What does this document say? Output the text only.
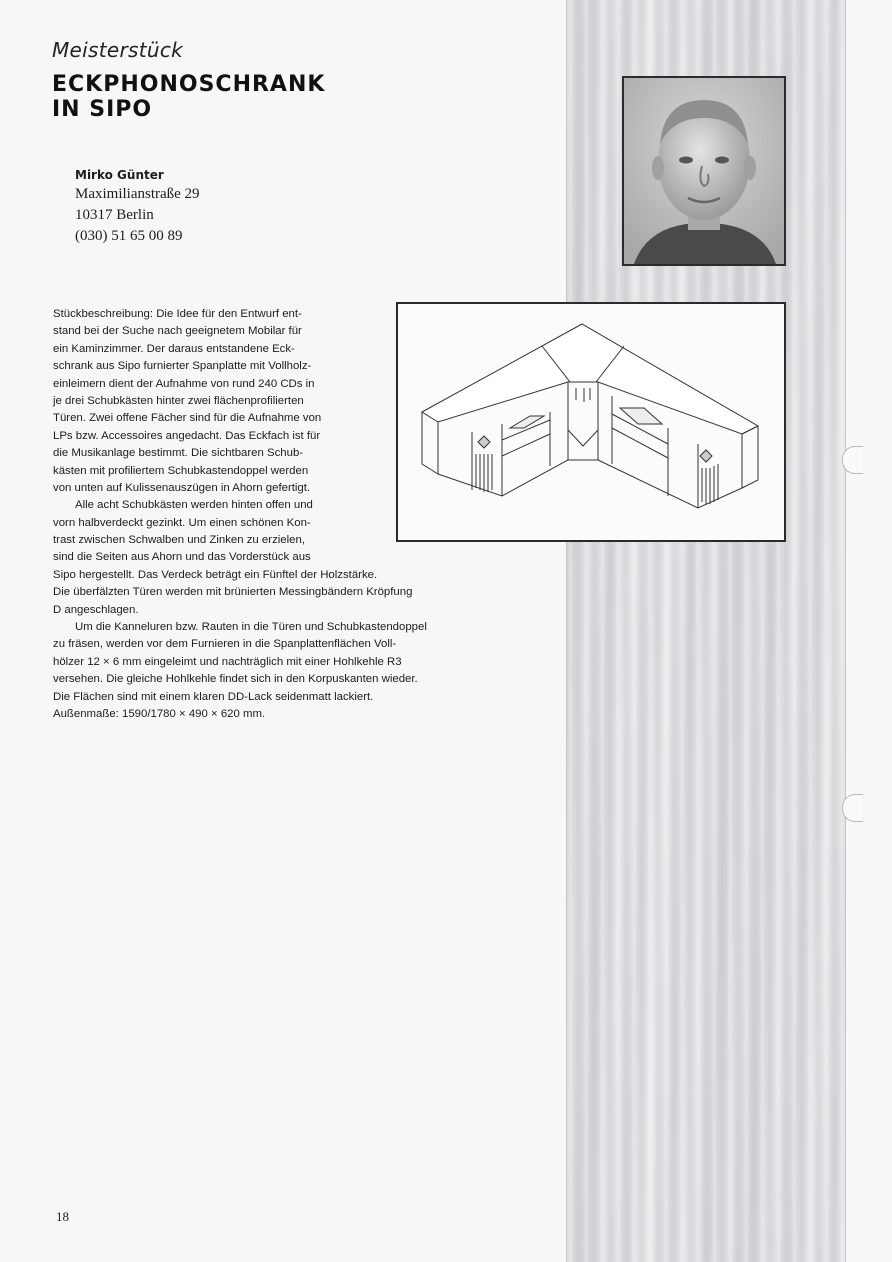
Meisterstück
ECKPHONOSCHRANK
IN SIPO
Mirko Günter
Maximilianstraße 29
10317 Berlin
(030) 51 65 00 89
Stückbeschreibung: Die Idee für den Entwurf ent-
stand bei der Suche nach geeignetem Mobilar für
ein Kaminzimmer. Der daraus entstandene Eck-
schrank aus Sipo furnierter Spanplatte mit Vollholz-
einleimern dient der Aufnahme von rund 240 CDs in
je drei Schubkästen hinter zwei flächenprofilierten
Türen. Zwei offene Fächer sind für die Aufnahme von
LPs bzw. Accessoires angedacht. Das Eckfach ist für
die Musikanlage bestimmt. Die sichtbaren Schub-
kästen mit profiliertem Schubkastendoppel werden
von unten auf Kulissenauszügen in Ahorn gefertigt.
Alle acht Schubkästen werden hinten offen und
vorn halbverdeckt gezinkt. Um einen schönen Kon-
trast zwischen Schwalben und Zinken zu erzielen,
sind die Seiten aus Ahorn und das Vorderstück aus
Sipo hergestellt. Das Verdeck beträgt ein Fünftel der Holzstärke.
Die überfälzten Türen werden mit brünierten Messingbändern Kröpfung
D angeschlagen.
Um die Kanneluren bzw. Rauten in die Türen und Schubkastendoppel
zu fräsen, werden vor dem Furnieren in die Spanplattenflächen Voll-
hölzer 12 × 6 mm eingeleimt und nachträglich mit einer Hohlkehle R3
versehen. Die gleiche Hohlkehle findet sich in den Korpuskanten wieder.
Die Flächen sind mit einem klaren DD-Lack seidenmatt lackiert.
Außenmaße: 1590/1780 × 490 × 620 mm.
18
